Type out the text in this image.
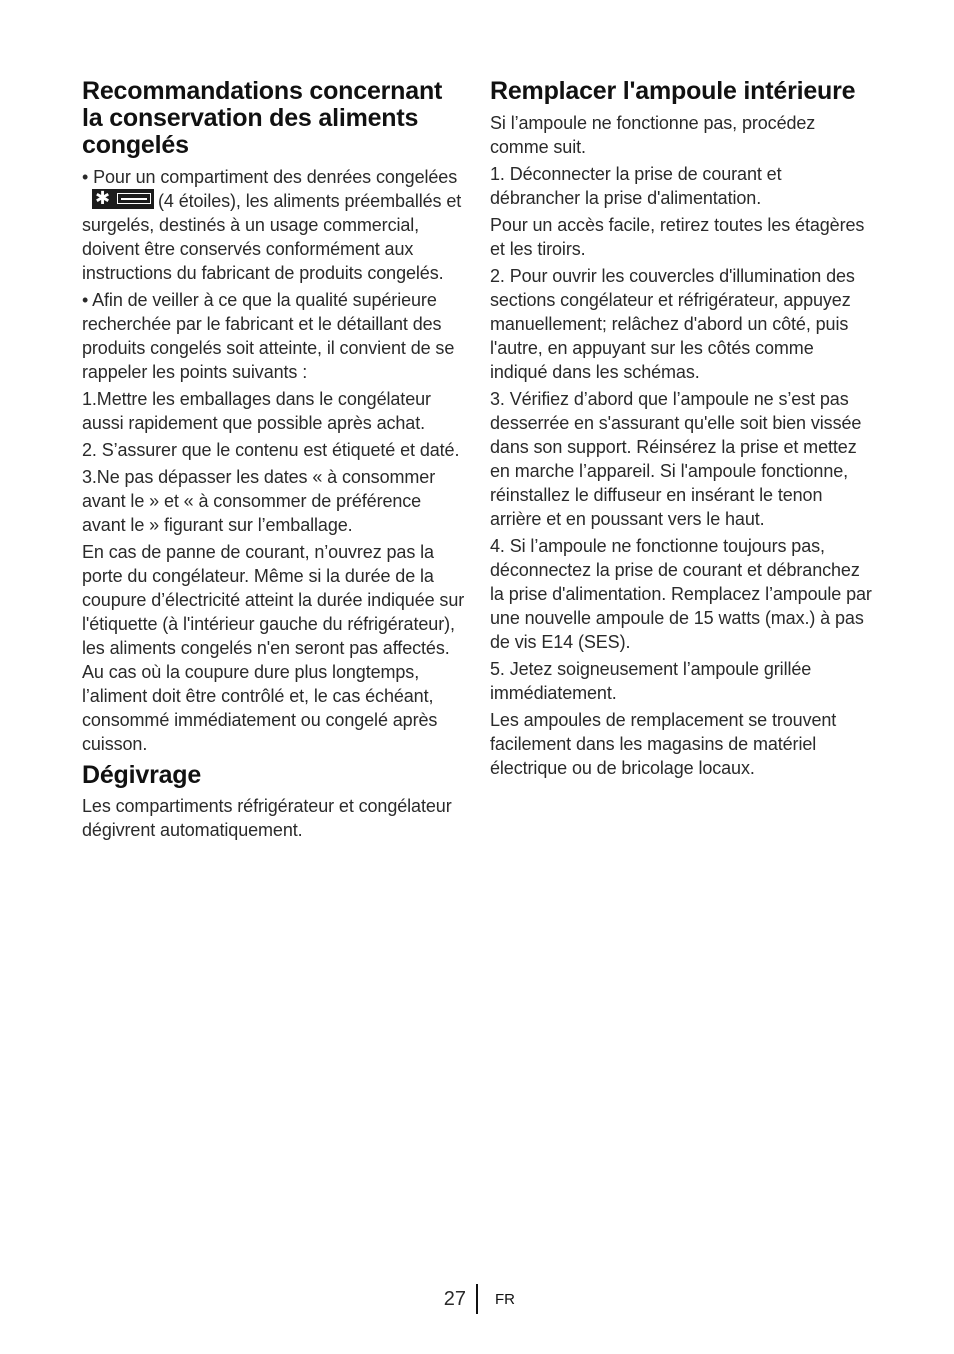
Recommandations concernant la conservation des aliments congelés

• Pour un compartiment des denrées congelées
✱	(4 étoiles), les aliments préemballés et surgelés, destinés à un usage commercial, doivent être conservés conformément aux instructions du fabricant de produits congelés.

• Afin de veiller à ce que la qualité supérieure recherchée par le fabricant et le détaillant des produits congelés soit atteinte, il convient de se rappeler les points suivants :

1.Mettre les emballages dans le congélateur aussi rapidement que possible après achat.

2. S’assurer que le contenu est étiqueté et daté.

3.Ne pas dépasser les dates « à consommer avant le » et « à consommer de préférence avant le » figurant sur l’emballage.

En cas de panne de courant, n’ouvrez pas la porte du congélateur. Même si la durée de la coupure d’électricité atteint la durée indiquée sur l'étiquette (à l'intérieur gauche du réfrigérateur), les aliments congelés n'en seront pas affectés. Au cas où la coupure dure plus longtemps, l’aliment doit être contrôlé et, le cas échéant, consommé immédiatement ou congelé après cuisson.

Dégivrage

Les compartiments réfrigérateur et congélateur dégivrent automatiquement.

Remplacer l'ampoule intérieure

Si l’ampoule ne fonctionne pas, procédez comme suit.

1. Déconnecter la prise de courant et débrancher la prise d'alimentation.

Pour un accès facile, retirez toutes les étagères et les tiroirs.

2. Pour ouvrir les couvercles d'illumination des sections congélateur et réfrigérateur, appuyez manuellement; relâchez d'abord un côté, puis l'autre, en appuyant sur les côtés comme indiqué dans les schémas.

3. Vérifiez d’abord que l’ampoule ne s’est pas desserrée en s'assurant qu'elle soit bien vissée dans son support. Réinsérez la prise et mettez en marche l’appareil. Si l'ampoule fonctionne, réinstallez le diffuseur en insérant le tenon arrière et en poussant vers le haut.

4. Si l’ampoule ne fonctionne toujours pas, déconnectez la prise de courant et débranchez la prise d'alimentation. Remplacez l’ampoule par une nouvelle ampoule de 15 watts (max.) à pas de vis E14 (SES).

5. Jetez soigneusement l’ampoule grillée immédiatement.

Les ampoules de remplacement se trouvent facilement dans les magasins de matériel électrique ou de bricolage locaux.

27 FR
